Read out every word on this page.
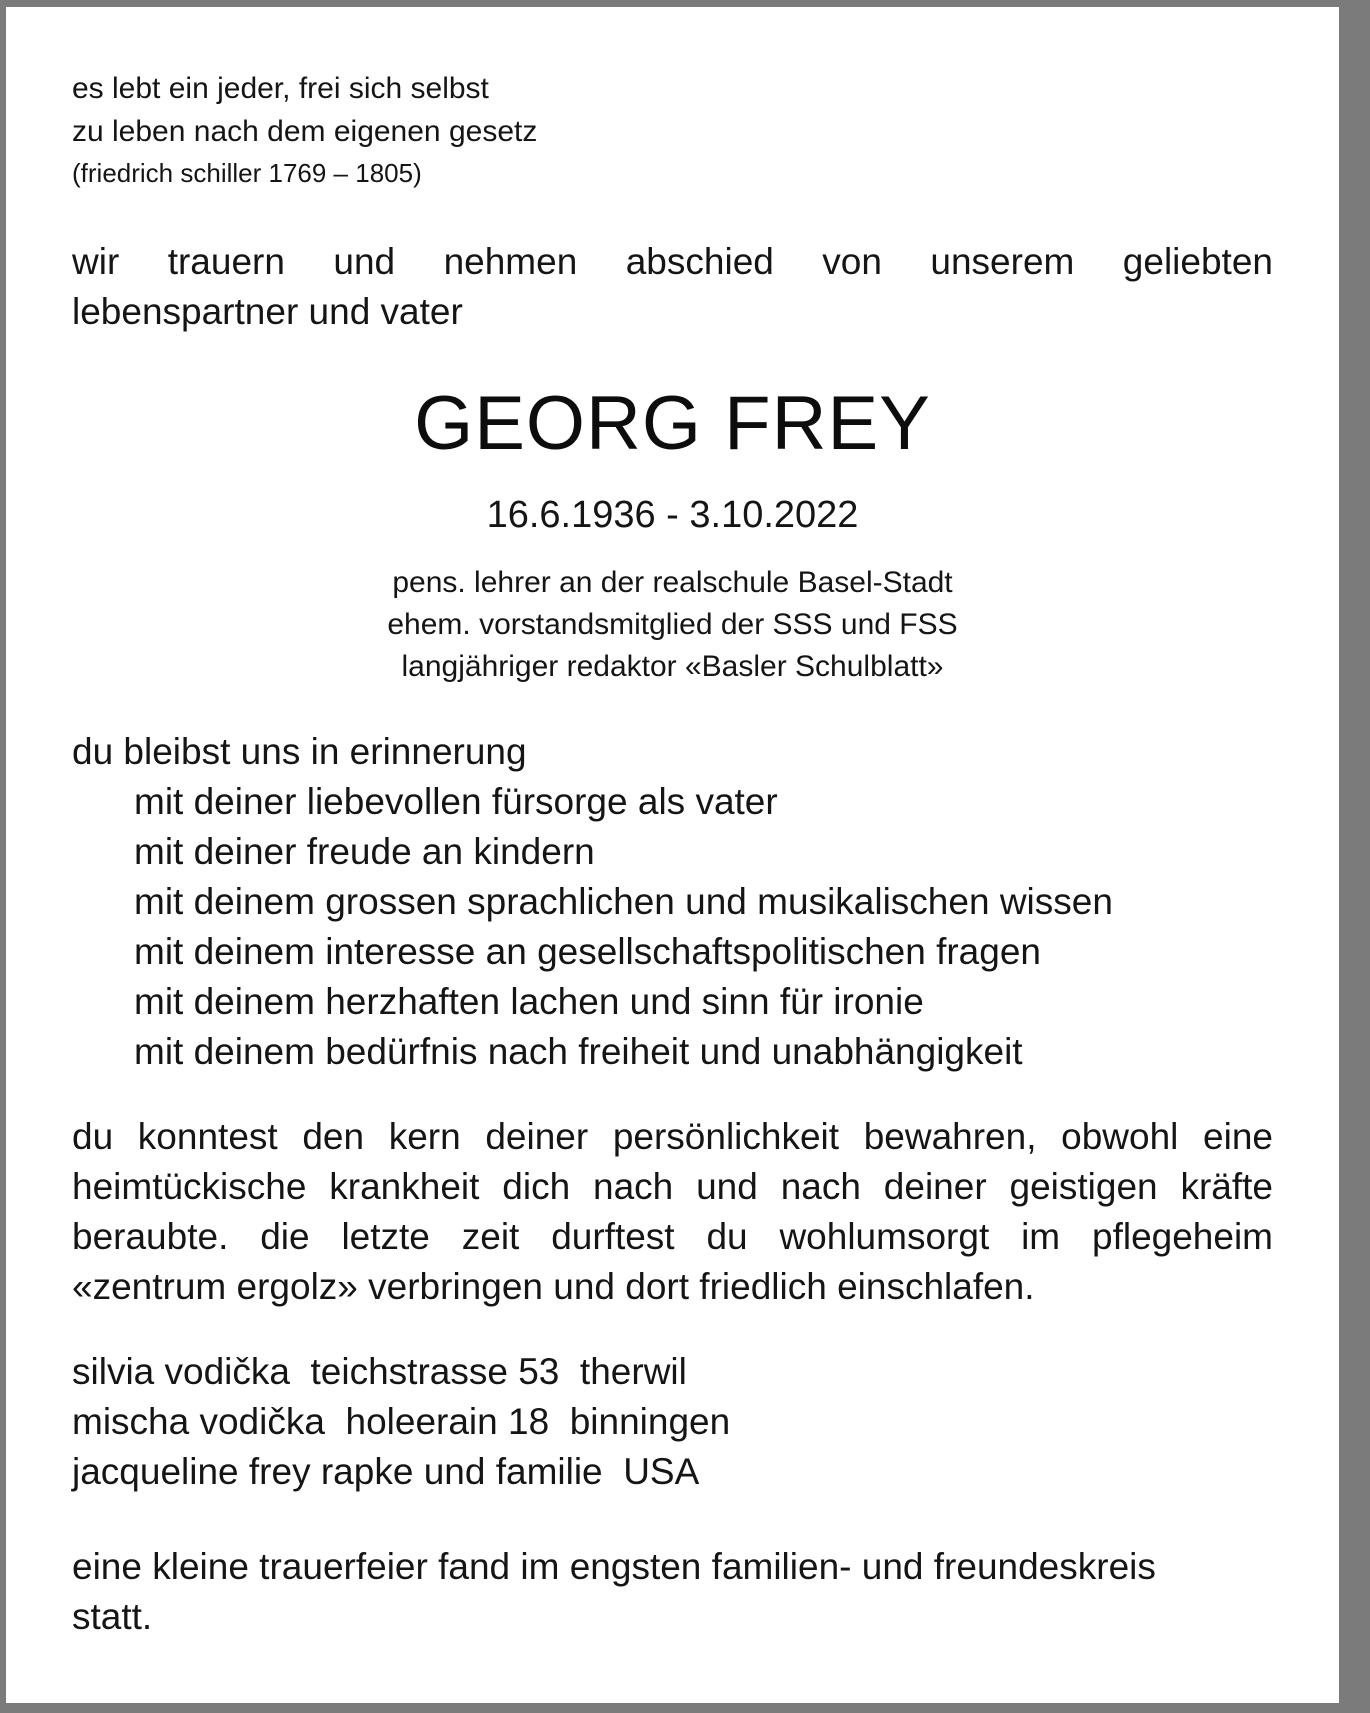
es lebt ein jeder, frei sich selbst
zu leben nach dem eigenen gesetz
(friedrich schiller 1769 – 1805)
wir trauern und nehmen abschied von unserem geliebten
lebenspartner und vater
GEORG FREY
16.6.1936 - 3.10.2022
pens. lehrer an der realschule Basel-Stadt
ehem. vorstandsmitglied der SSS und FSS
langjähriger redaktor «Basler Schulblatt»
du bleibst uns in erinnerung
mit deiner liebevollen fürsorge als vater
mit deiner freude an kindern
mit deinem grossen sprachlichen und musikalischen wissen
mit deinem interesse an gesellschaftspolitischen fragen
mit deinem herzhaften lachen und sinn für ironie
mit deinem bedürfnis nach freiheit und unabhängigkeit
du konntest den kern deiner persönlichkeit bewahren, obwohl eine
heimtückische krankheit dich nach und nach deiner geistigen kräfte
beraubte. die letzte zeit durftest du wohlumsorgt im pflegeheim
«zentrum ergolz» verbringen und dort friedlich einschlafen.
silvia vodička  teichstrasse 53  therwil
mischa vodička  holeerain 18  binningen
jacqueline frey rapke und familie  USA
eine kleine trauerfeier fand im engsten familien- und freundeskreis
statt.
